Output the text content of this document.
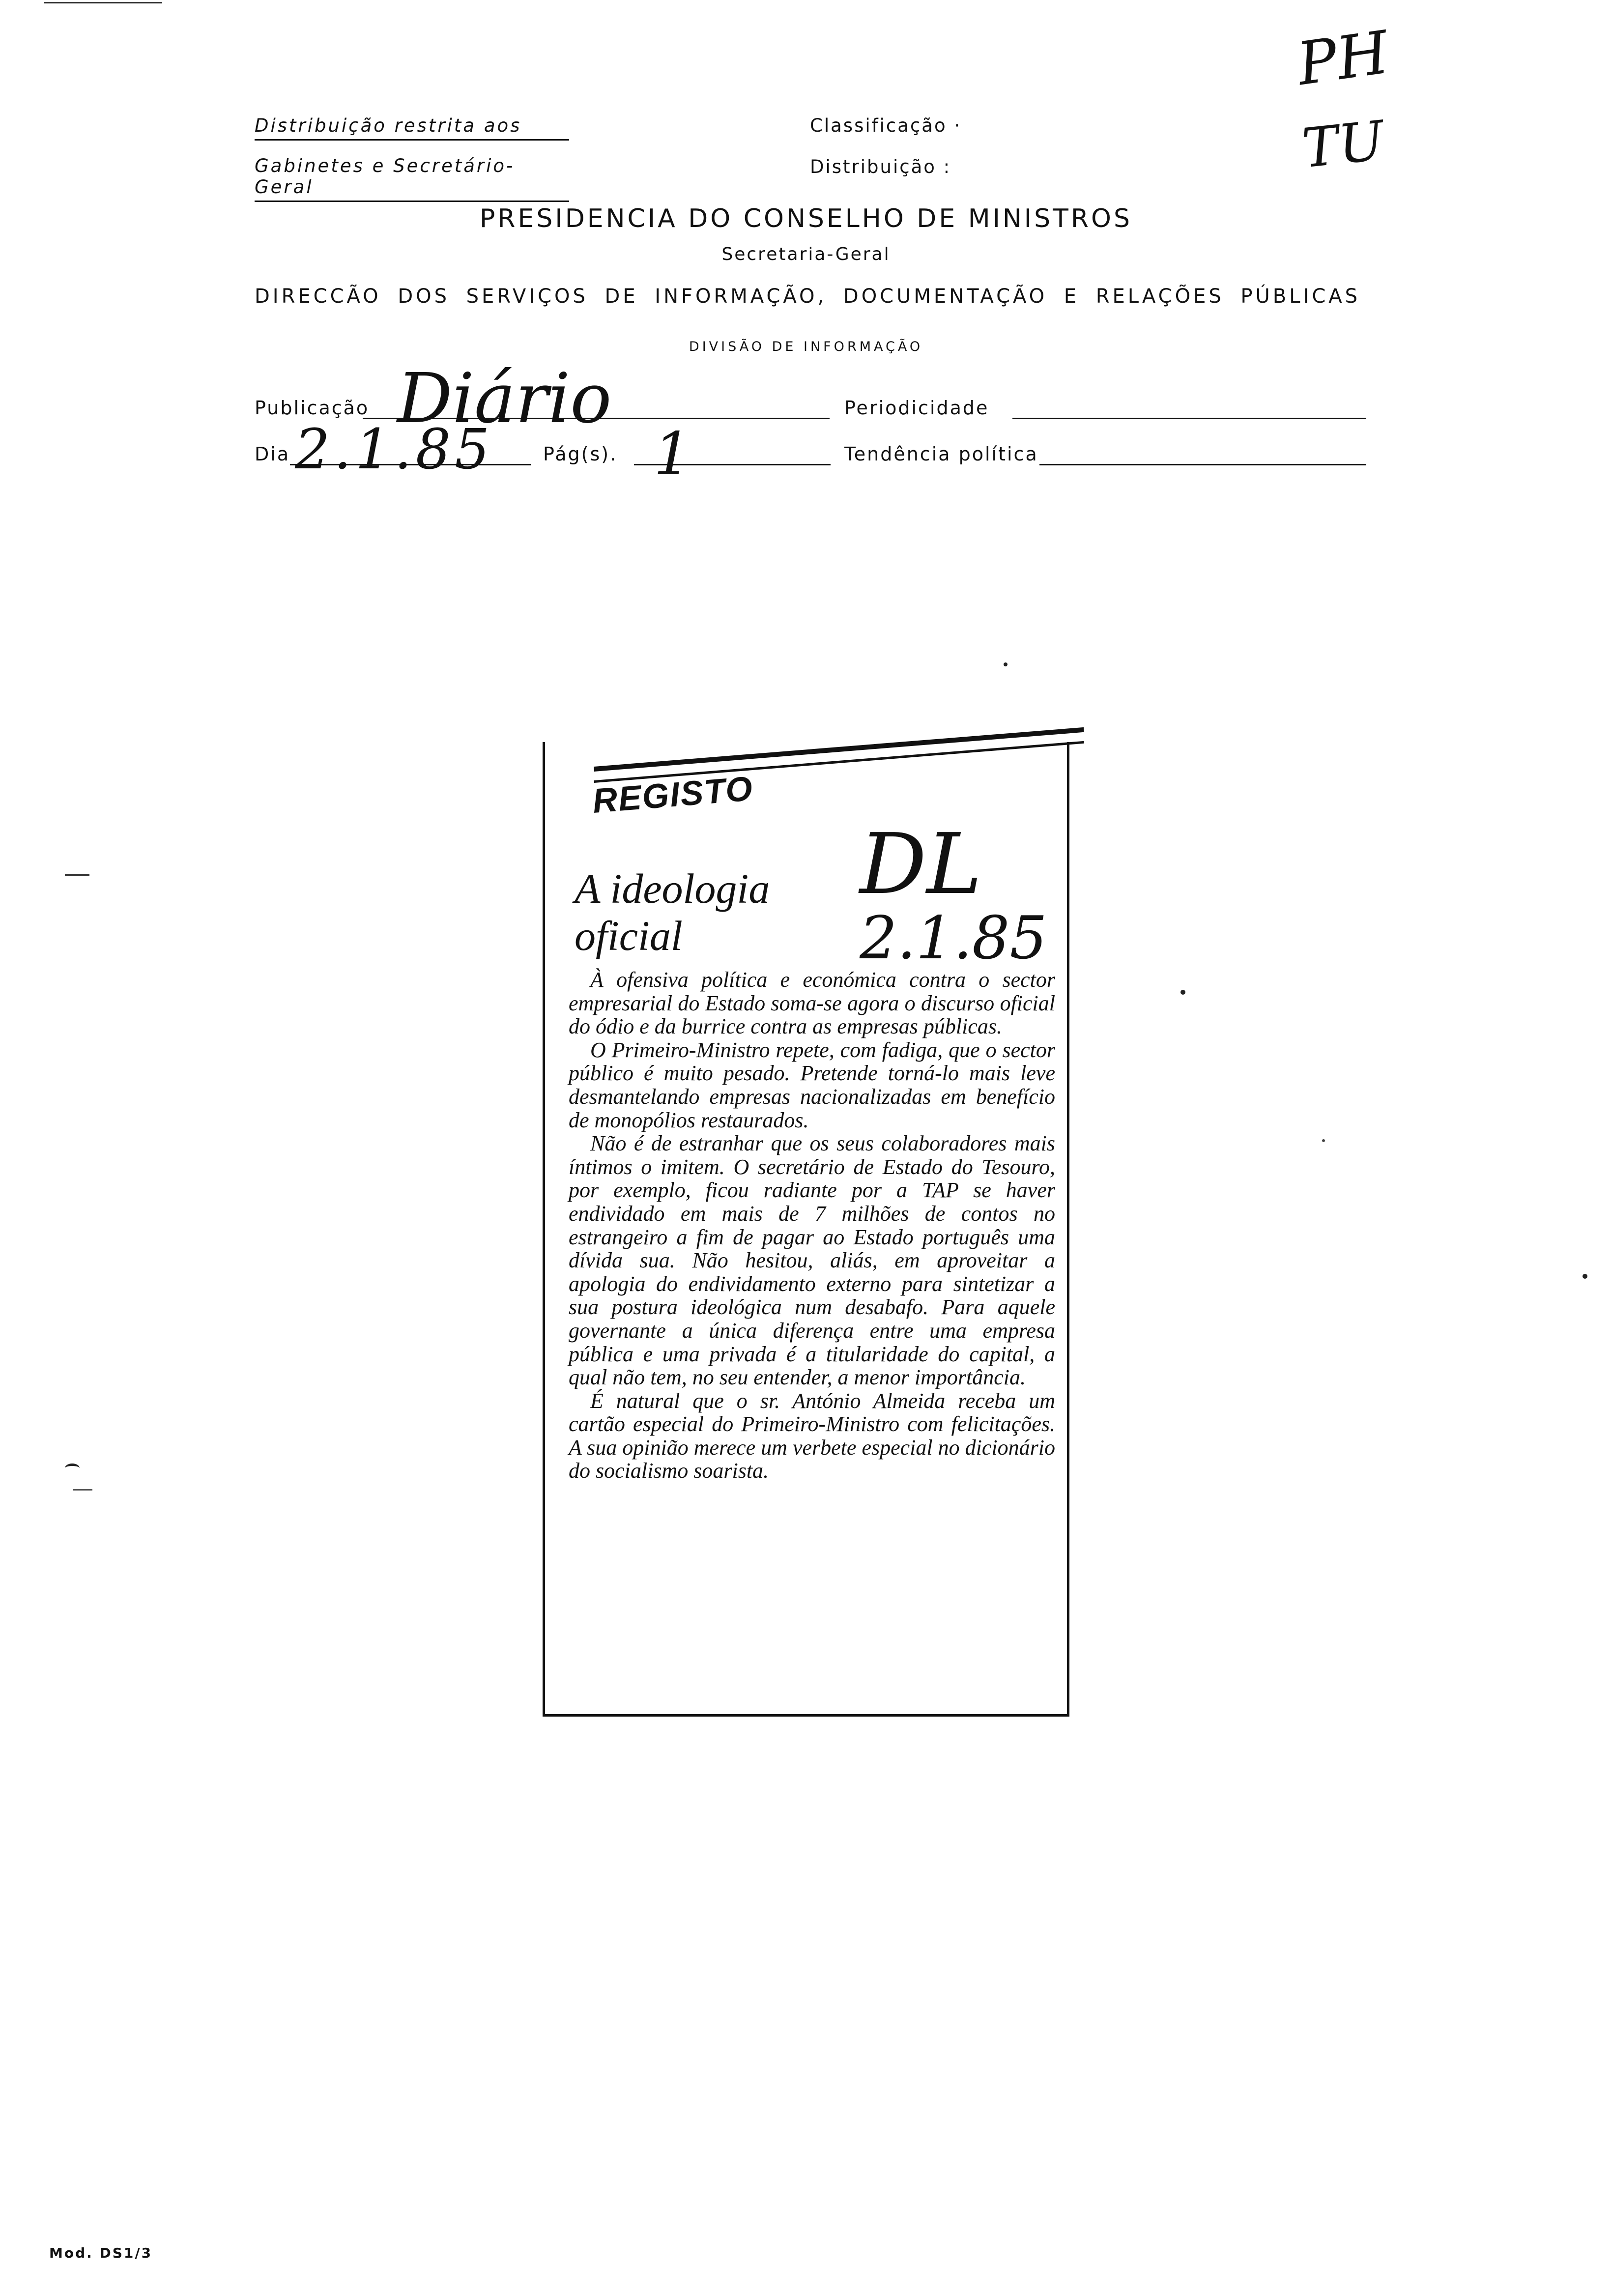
Distribuição restrita aos
Gabinetes e Secretário-Geral
Classificação ·
Distribuição :
PH
TU
PRESIDENCIA DO CONSELHO DE MINISTROS
Secretaria-Geral
DIRECCÃO DOS SERVIÇOS DE INFORMAÇÃO, DOCUMENTAÇÃO E RELAÇÕES PÚBLICAS
DIVISÃO DE INFORMAÇÃO
Publicação Diário	Periodicidade
Dia 2.1.85	Pág(s). 1	Tendência política
REGISTO
A ideologia
oficial
DL
2.1.85

À ofensiva política e económica contra o sector empresarial do Estado soma-se agora o discurso oficial do ódio e da burrice contra as empresas públicas.

O Primeiro-Ministro repete, com fadiga, que o sector público é muito pesado. Pretende torná-lo mais leve desmantelando empresas nacionalizadas em benefício de monopólios restaurados.

Não é de estranhar que os seus colaboradores mais íntimos o imitem. O secretário de Estado do Tesouro, por exemplo, ficou radiante por a TAP se haver endividado em mais de 7 milhões de contos no estrangeiro a fim de pagar ao Estado português uma dívida sua. Não hesitou, aliás, em aproveitar a apologia do endividamento externo para sintetizar a sua postura ideológica num desabafo. Para aquele governante a única diferença entre uma empresa pública e uma privada é a titularidade do capital, a qual não tem, no seu entender, a menor importância.

É natural que o sr. António Almeida receba um cartão especial do Primeiro-Ministro com felicitações. A sua opinião merece um verbete especial no dicionário do socialismo soarista.

Mod. DS1/3
